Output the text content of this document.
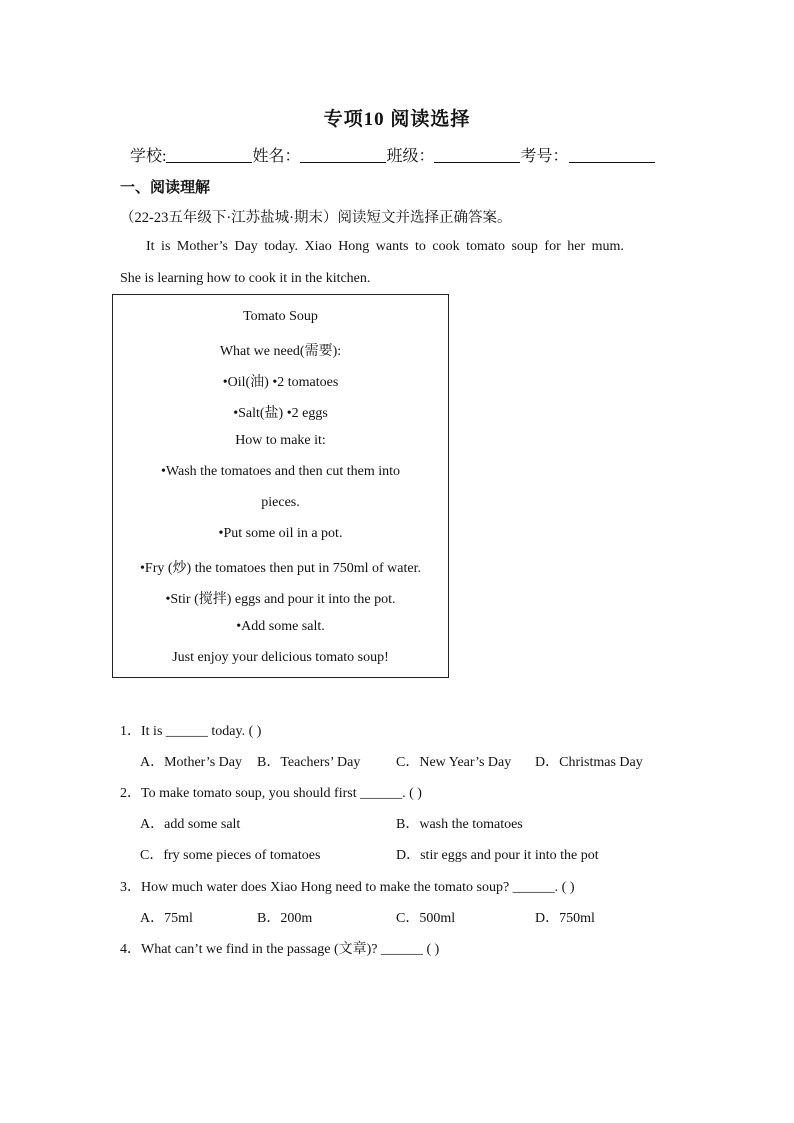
专项10 阅读选择
学校:	姓名：	班级：	考号：
一、阅读理解
（22-23五年级下·江苏盐城·期末）阅读短文并选择正确答案。
It is Mother’s Day today. Xiao Hong wants to cook tomato soup for her mum.
She is learning how to cook it in the kitchen.
Tomato Soup
What we need(需要):
•Oil(油) •2 tomatoes
•Salt(盐) •2 eggs
How to make it:
•Wash the tomatoes and then cut them into
pieces.
•Put some oil in a pot.
•Fry (炒) the tomatoes then put in 750ml of water.
•Stir (搅拌) eggs and pour it into the pot.
•Add some salt.
Just enjoy your delicious tomato soup!
1．It is ______ today. ( )
A．Mother’s Day B．Teachers’ Day	C．New Year’s Day D．Christmas Day
2．To make tomato soup, you should first ______. ( )
A．add some salt	B．wash the tomatoes
C．fry some pieces of tomatoes	D．stir eggs and pour it into the pot
3．How much water does Xiao Hong need to make the tomato soup? ______. ( )
A．75ml	B．200m	C．500ml	D．750ml
4．What can’t we find in the passage (文章)? ______ ( )
